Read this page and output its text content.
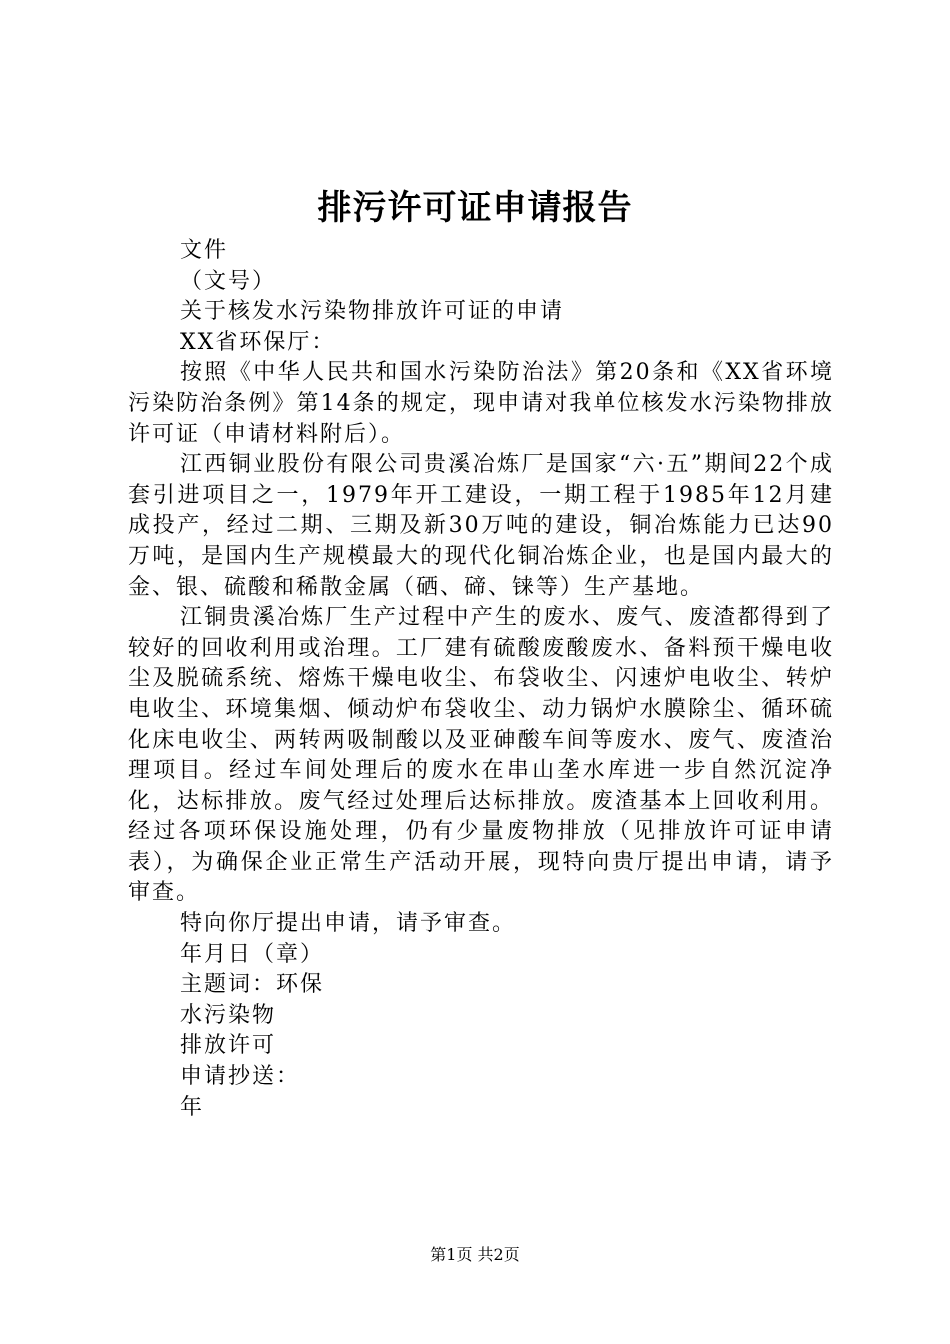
排污许可证申请报告

文件

（文号）

关于核发水污染物排放许可证的申请

XX省环保厅：

按照《中华人民共和国水污染防治法》第20条和《XX省环境污染防治条例》第14条的规定，现申请对我单位核发水污染物排放许可证（申请材料附后）。

江西铜业股份有限公司贵溪冶炼厂是国家“六·五”期间22个成套引进项目之一，1979年开工建设，一期工程于1985年12月建成投产，经过二期、三期及新30万吨的建设，铜冶炼能力已达90万吨，是国内生产规模最大的现代化铜冶炼企业，也是国内最大的金、银、硫酸和稀散金属（硒、碲、铼等）生产基地。

江铜贵溪冶炼厂生产过程中产生的废水、废气、废渣都得到了较好的回收利用或治理。工厂建有硫酸废酸废水、备料预干燥电收尘及脱硫系统、熔炼干燥电收尘、布袋收尘、闪速炉电收尘、转炉电收尘、环境集烟、倾动炉布袋收尘、动力锅炉水膜除尘、循环硫化床电收尘、两转两吸制酸以及亚砷酸车间等废水、废气、废渣治理项目。经过车间处理后的废水在串山垄水库进一步自然沉淀净化，达标排放。废气经过处理后达标排放。废渣基本上回收利用。经过各项环保设施处理，仍有少量废物排放（见排放许可证申请表），为确保企业正常生产活动开展，现特向贵厅提出申请，请予审查。

特向你厅提出申请，请予审查。

年月日（章）

主题词：环保

水污染物

排放许可

申请抄送：

年

第1页 共2页
